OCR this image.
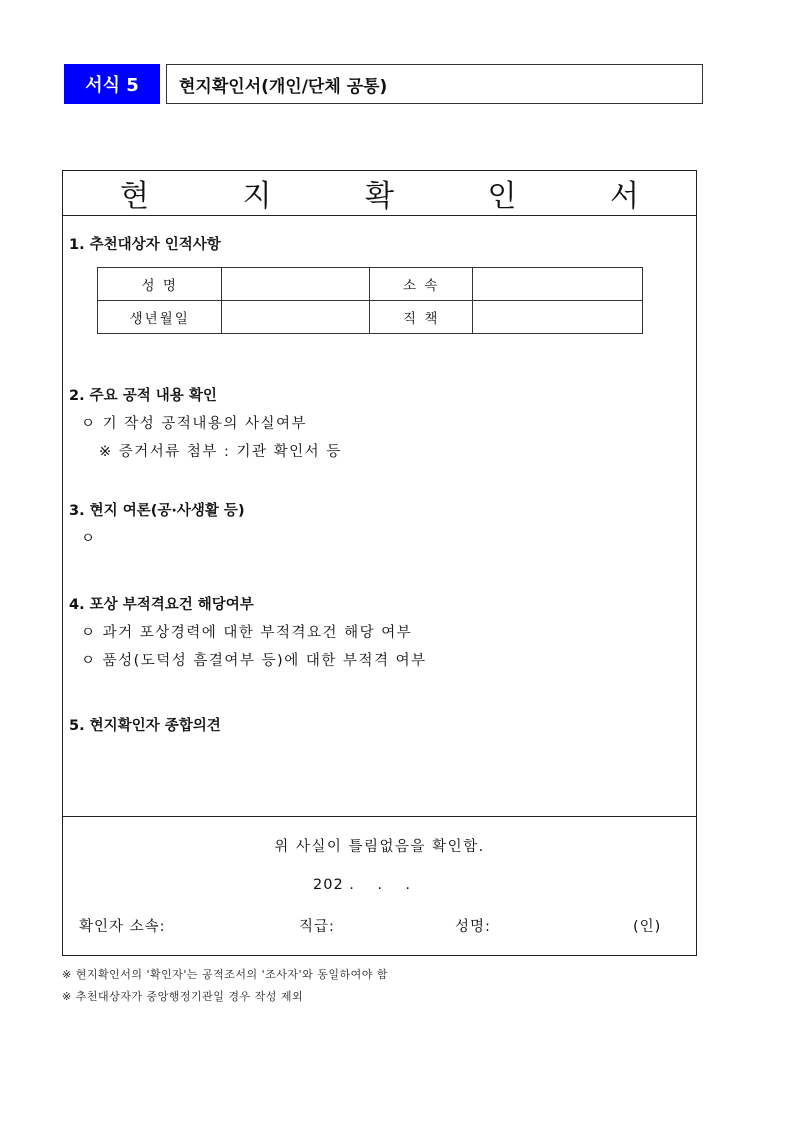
서식 5	현지확인서(개인/단체 공통)
현 지 확 인 서
1. 추천대상자 인적사항
성 명		소 속	
생년월일		직 책	
2. 주요 공적 내용 확인
ㅇ 기 작성 공적내용의 사실여부
※ 증거서류 첨부 : 기관 확인서 등
3. 현지 여론(공·사생활 등)
ㅇ
4. 포상 부적격요건 해당여부
ㅇ 과거 포상경력에 대한 부적격요건 해당 여부
ㅇ 품성(도덕성 흠결여부 등)에 대한 부적격 여부
5. 현지확인자 종합의견
위 사실이 틀림없음을 확인함.
202 .    .    .
확인자 소속:	직급:	성명:	(인)
※ 현지확인서의 '확인자'는 공적조서의 '조사자'와 동일하여야 함
※ 추천대상자가 중앙행정기관일 경우 작성 제외
